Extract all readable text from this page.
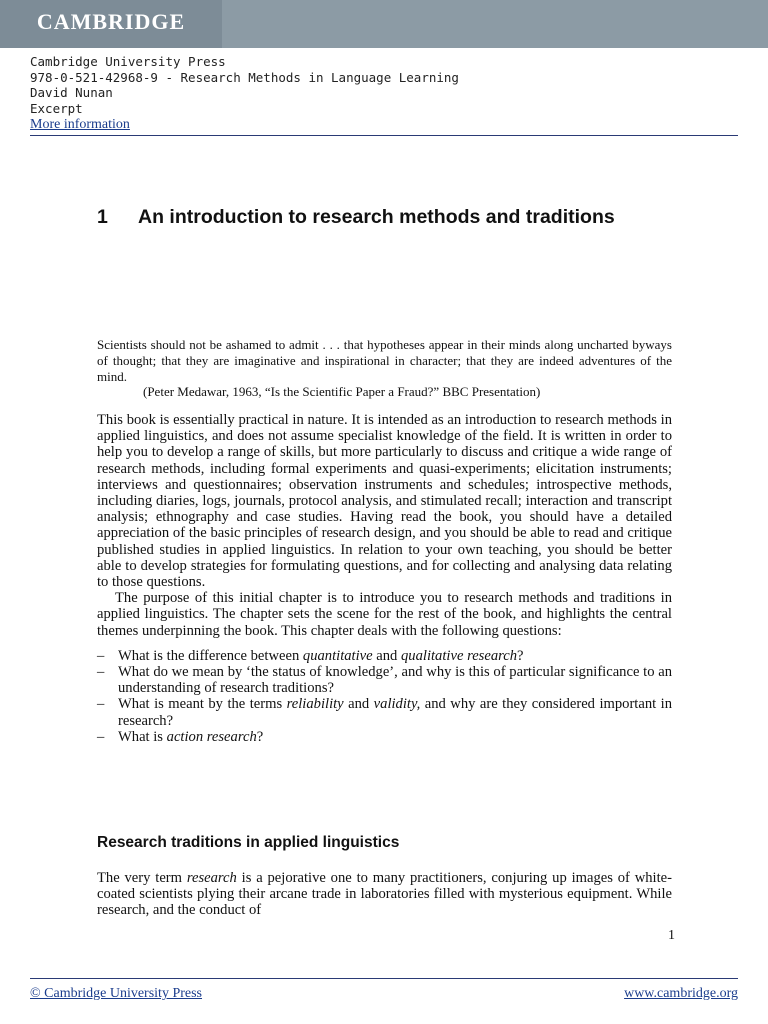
CAMBRIDGE
Cambridge University Press
978-0-521-42968-9 - Research Methods in Language Learning
David Nunan
Excerpt
More information
1 An introduction to research methods and traditions
Scientists should not be ashamed to admit . . . that hypotheses appear in their minds along uncharted byways of thought; that they are imaginative and inspirational in character; that they are indeed adventures of the mind.
(Peter Medawar, 1963, “Is the Scientific Paper a Fraud?” BBC Presentation)

This book is essentially practical in nature. It is intended as an introduction to research methods in applied linguistics, and does not assume specialist knowledge of the field. It is written in order to help you to develop a range of skills, but more particularly to discuss and critique a wide range of research methods, including formal experiments and quasi-experiments; elicitation instruments; interviews and questionnaires; observation instruments and schedules; introspective methods, including diaries, logs, journals, protocol analysis, and stimulated recall; interaction and transcript analysis; ethnography and case studies. Having read the book, you should have a detailed appreciation of the basic principles of research design, and you should be able to read and critique published studies in applied linguistics. In relation to your own teaching, you should be better able to develop strategies for formulating questions, and for collecting and analysing data relating to those questions.

The purpose of this initial chapter is to introduce you to research methods and traditions in applied linguistics. The chapter sets the scene for the rest of the book, and highlights the central themes underpinning the book. This chapter deals with the following questions:

– What is the difference between quantitative and qualitative research?
– What do we mean by ‘the status of knowledge’, and why is this of particular significance to an understanding of research traditions?
– What is meant by the terms reliability and validity, and why are they considered important in research?
– What is action research?
Research traditions in applied linguistics
The very term research is a pejorative one to many practitioners, conjuring up images of white-coated scientists plying their arcane trade in laboratories filled with mysterious equipment. While research, and the conduct of
1
© Cambridge University Press	www.cambridge.org
